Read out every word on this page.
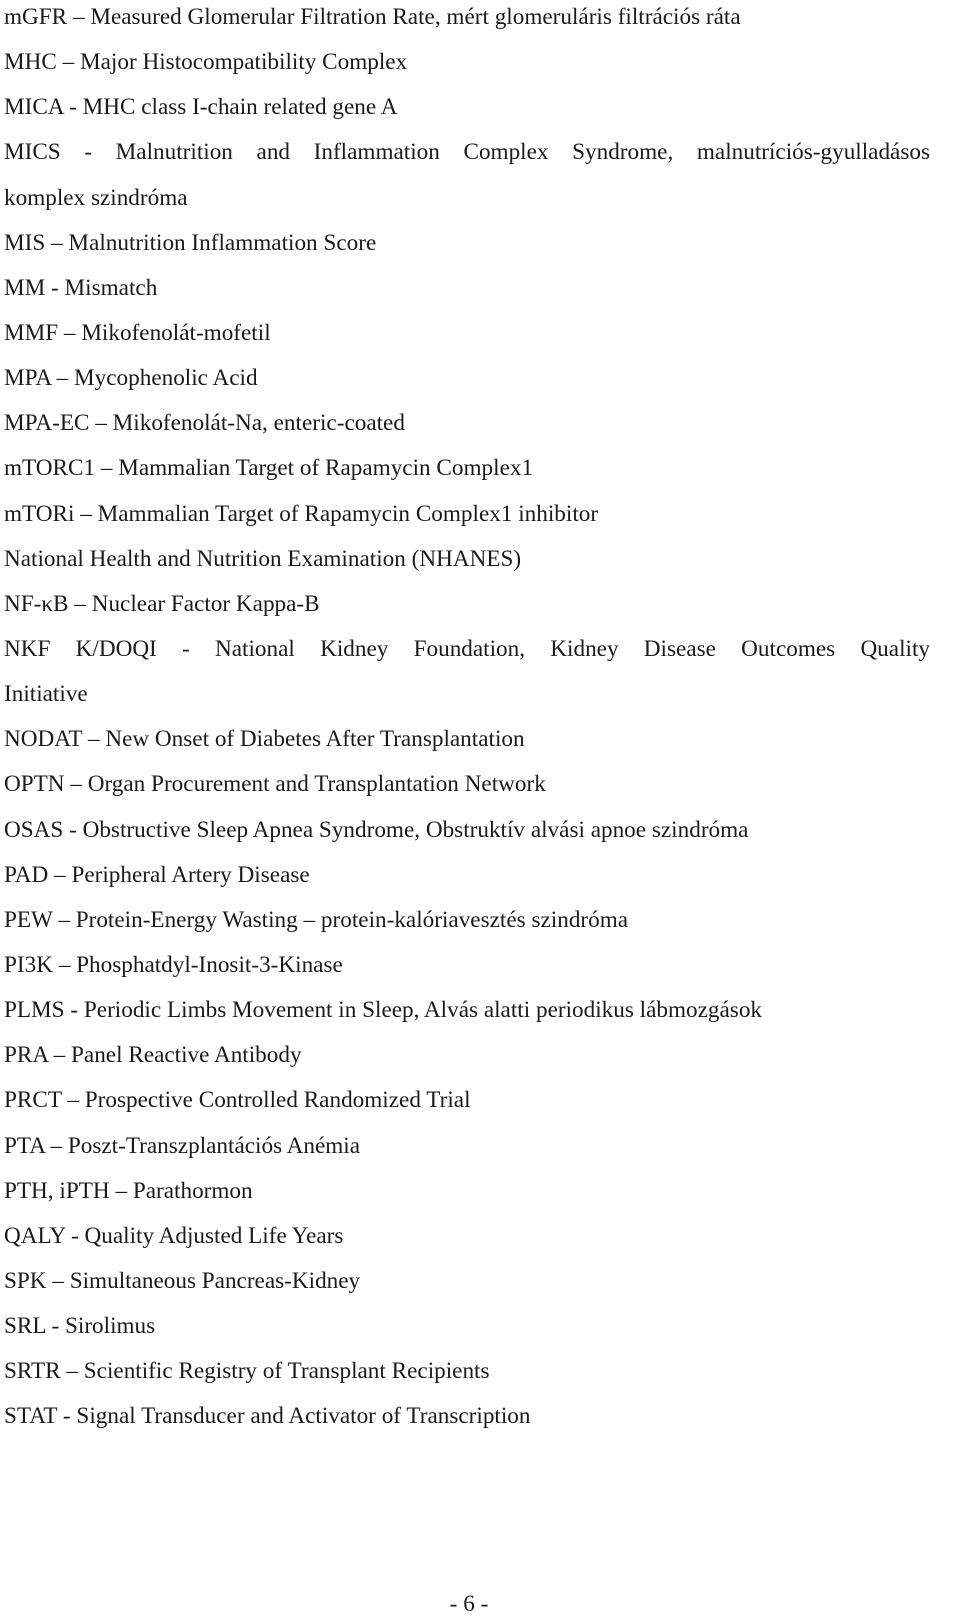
mGFR – Measured Glomerular Filtration Rate, mért glomeruláris filtrációs ráta
MHC – Major Histocompatibility Complex
MICA - MHC class I-chain related gene A
MICS - Malnutrition and Inflammation Complex Syndrome, malnutríciós-gyulladásos
komplex szindróma
MIS – Malnutrition Inflammation Score
MM - Mismatch
MMF – Mikofenolát-mofetil
MPA – Mycophenolic Acid
MPA-EC – Mikofenolát-Na, enteric-coated
mTORC1 – Mammalian Target of Rapamycin Complex1
mTORi – Mammalian Target of Rapamycin Complex1 inhibitor
National Health and Nutrition Examination (NHANES)
NF-κB – Nuclear Factor Kappa-B
NKF K/DOQI - National Kidney Foundation, Kidney Disease Outcomes Quality
Initiative
NODAT – New Onset of Diabetes After Transplantation
OPTN – Organ Procurement and Transplantation Network
OSAS - Obstructive Sleep Apnea Syndrome, Obstruktív alvási apnoe szindróma
PAD – Peripheral Artery Disease
PEW – Protein-Energy Wasting – protein-kalóriavesztés szindróma
PI3K – Phosphatdyl-Inosit-3-Kinase
PLMS - Periodic Limbs Movement in Sleep, Alvás alatti periodikus lábmozgások
PRA – Panel Reactive Antibody
PRCT – Prospective Controlled Randomized Trial
PTA – Poszt-Transzplantációs Anémia
PTH, iPTH – Parathormon
QALY - Quality Adjusted Life Years
SPK – Simultaneous Pancreas-Kidney
SRL - Sirolimus
SRTR – Scientific Registry of Transplant Recipients
STAT - Signal Transducer and Activator of Transcription
- 6 -
